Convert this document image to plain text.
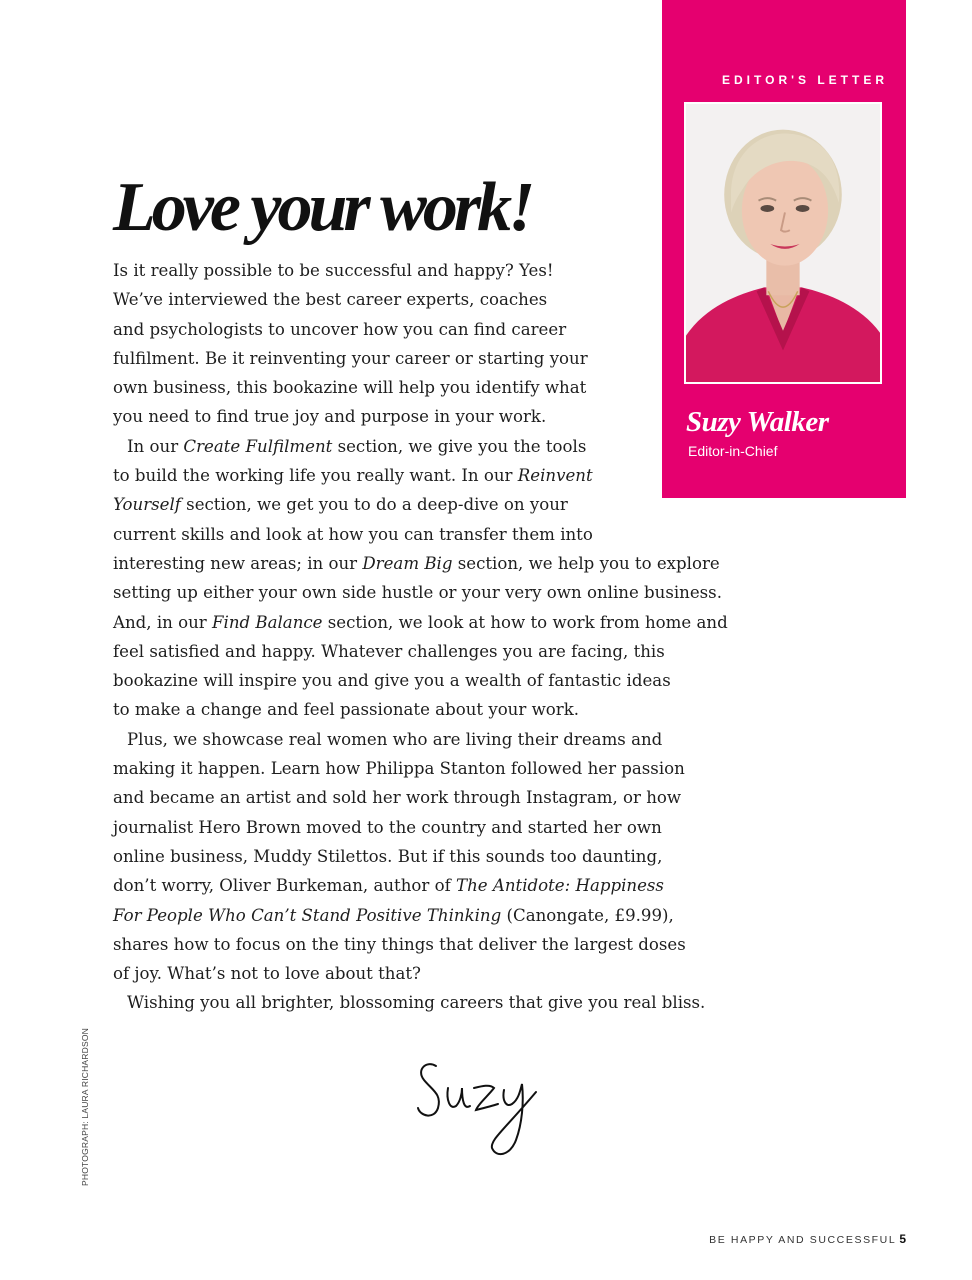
EDITOR'S LETTER
Suzy Walker
Editor-in-Chief
Love your work!
Is it really possible to be successful and happy? Yes!
We’ve interviewed the best career experts, coaches
and psychologists to uncover how you can find career
fulfilment. Be it reinventing your career or starting your
own business, this bookazine will help you identify what
you need to find true joy and purpose in your work.
In our Create Fulfilment section, we give you the tools
to build the working life you really want. In our Reinvent
Yourself section, we get you to do a deep-dive on your
current skills and look at how you can transfer them into
interesting new areas; in our Dream Big section, we help you to explore
setting up either your own side hustle or your very own online business.
And, in our Find Balance section, we look at how to work from home and
feel satisfied and happy. Whatever challenges you are facing, this
bookazine will inspire you and give you a wealth of fantastic ideas
to make a change and feel passionate about your work.
Plus, we showcase real women who are living their dreams and
making it happen. Learn how Philippa Stanton followed her passion
and became an artist and sold her work through Instagram, or how
journalist Hero Brown moved to the country and started her own
online business, Muddy Stilettos. But if this sounds too daunting,
don’t worry, Oliver Burkeman, author of The Antidote: Happiness
For People Who Can’t Stand Positive Thinking (Canongate, £9.99),
shares how to focus on the tiny things that deliver the largest doses
of joy. What’s not to love about that?
Wishing you all brighter, blossoming careers that give you real bliss.
PHOTOGRAPH: LAURA RICHARDSON
BE HAPPY AND SUCCESSFUL 5
